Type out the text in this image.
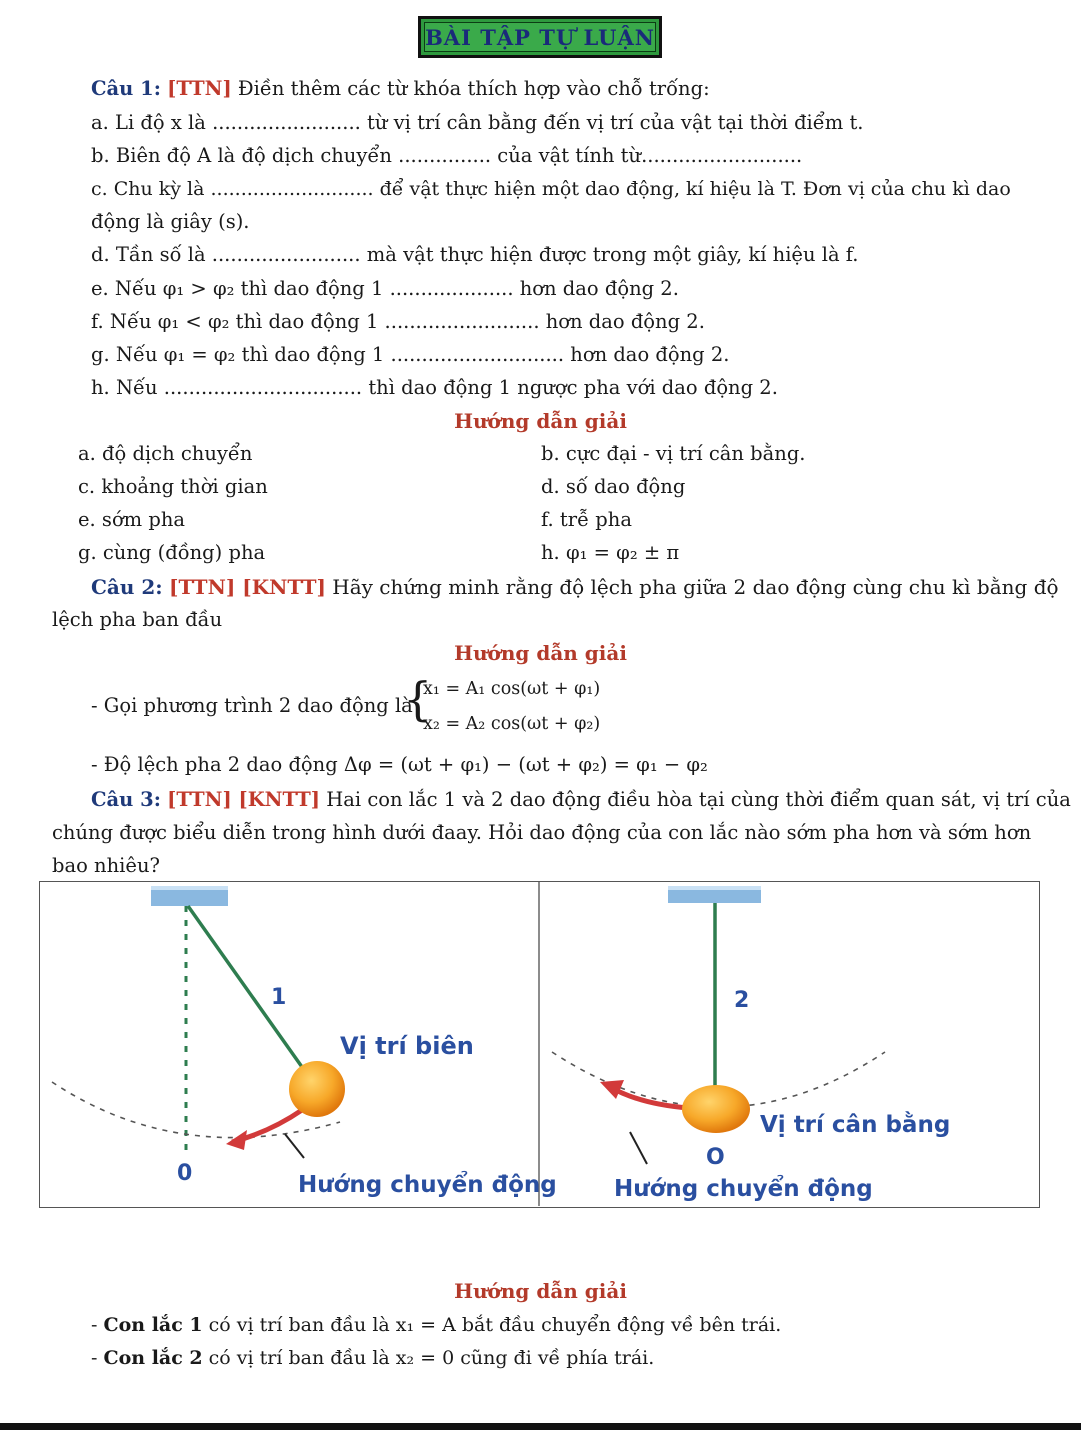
BÀI TẬP TỰ LUẬN
Câu 1: [TTN] Điền thêm các từ khóa thích hợp vào chỗ trống:
a. Li độ x là ........................ từ vị trí cân bằng đến vị trí của vật tại thời điểm t.
b. Biên độ A là độ dịch chuyển ............... của vật tính từ..........................
c. Chu kỳ là ........................... để vật thực hiện một dao động, kí hiệu là T. Đơn vị của chu kì dao
động là giây (s).
d. Tần số là ........................ mà vật thực hiện được trong một giây, kí hiệu là f.
e. Nếu φ₁ > φ₂ thì dao động 1 .................... hơn dao động 2.
f. Nếu φ₁ < φ₂ thì dao động 1 ......................... hơn dao động 2.
g. Nếu φ₁ = φ₂ thì dao động 1 ............................ hơn dao động 2.
h. Nếu ................................ thì dao động 1 ngược pha với dao động 2.
Hướng dẫn giải
a. độ dịch chuyển	b. cực đại - vị trí cân bằng.
c. khoảng thời gian	d. số dao động
e. sớm pha	f. trễ pha
g. cùng (đồng) pha	h. φ₁ = φ₂ ± π
Câu 2: [TTN] [KNTT] Hãy chứng minh rằng độ lệch pha giữa 2 dao động cùng chu kì bằng độ
lệch pha ban đầu
Hướng dẫn giải
- Gọi phương trình 2 dao động là
{
x₁ = A₁ cos(ωt + φ₁)
x₂ = A₂ cos(ωt + φ₂)
- Độ lệch pha 2 dao động Δφ = (ωt + φ₁) − (ωt + φ₂) = φ₁ − φ₂
Câu 3: [TTN] [KNTT] Hai con lắc 1 và 2 dao động điều hòa tại cùng thời điểm quan sát, vị trí của
chúng được biểu diễn trong hình dưới đaay. Hỏi dao động của con lắc nào sớm pha hơn và sớm hơn
bao nhiêu?
1
Vị trí biên
0	Hướng chuyển động
2
Vị trí cân bằng
O
Hướng chuyển động
Hướng dẫn giải
- Con lắc 1 có vị trí ban đầu là x₁ = A bắt đầu chuyển động về bên trái.
- Con lắc 2 có vị trí ban đầu là x₂ = 0 cũng đi về phía trái.
